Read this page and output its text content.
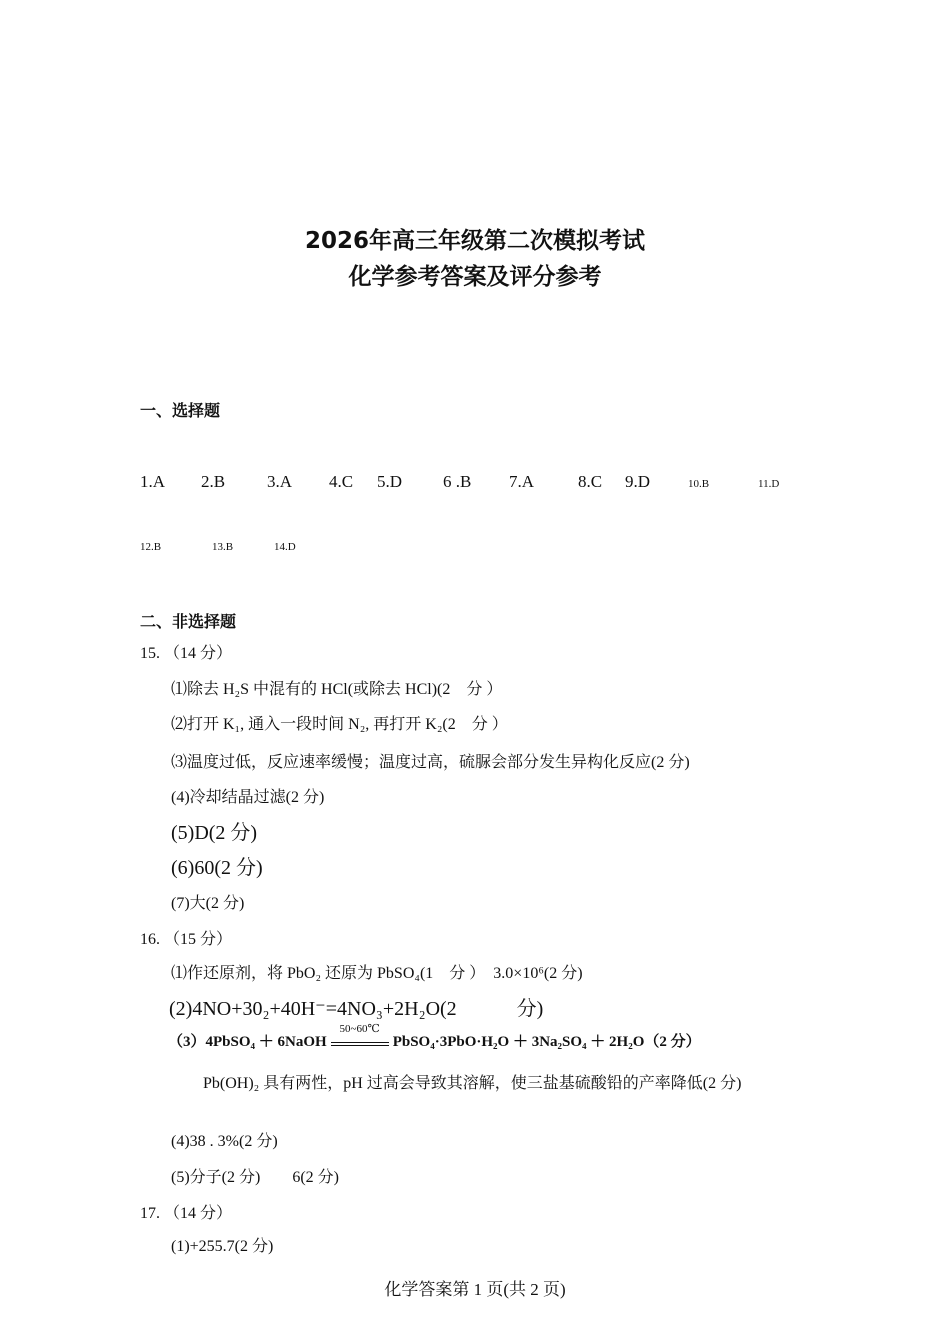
2026年高三年级第二次模拟考试
化学参考答案及评分参考
一、选择题
1.A 2.B 3.A 4.C 5.D 6 .B 7.A	8.C 9.D	10.B	11.D
12.B	13.B	14.D
二、非选择题
15. （14 分）
⑴除去 H₂S 中混有的 HCl(或除去 HCl)(2　分 ）
⑵打开 K₁, 通入一段时间 N₂, 再打开 K₂(2　分 ）
⑶温度过低，反应速率缓慢；温度过高，硫脲会部分发生异构化反应(2 分)
(4)冷却结晶过滤(2 分)
(5)D(2 分)
(6)60(2 分)
(7)大(2 分)
16. （15 分）
⑴作还原剂，将 PbO₂ 还原为 PbSO₄(1　分 ）　3.0×10⁶(2 分)
(2)4NO+30₂+40H⁻=4NO₃+2H₂O(2　　　分)
（3）4PbSO₄ ＋ 6NaOH
50~60℃
PbSO₄·3PbO·H₂O ＋ 3Na₂SO₄ ＋ 2H₂O（2 分）
Pb(OH)₂ 具有两性，pH 过高会导致其溶解，使三盐基硫酸铅的产率降低(2 分)
(4)38 . 3%(2 分)
(5)分子(2 分)　　6(2 分)
17. （14 分）
(1)+255.7(2 分)
化学答案第 1 页(共 2 页)
